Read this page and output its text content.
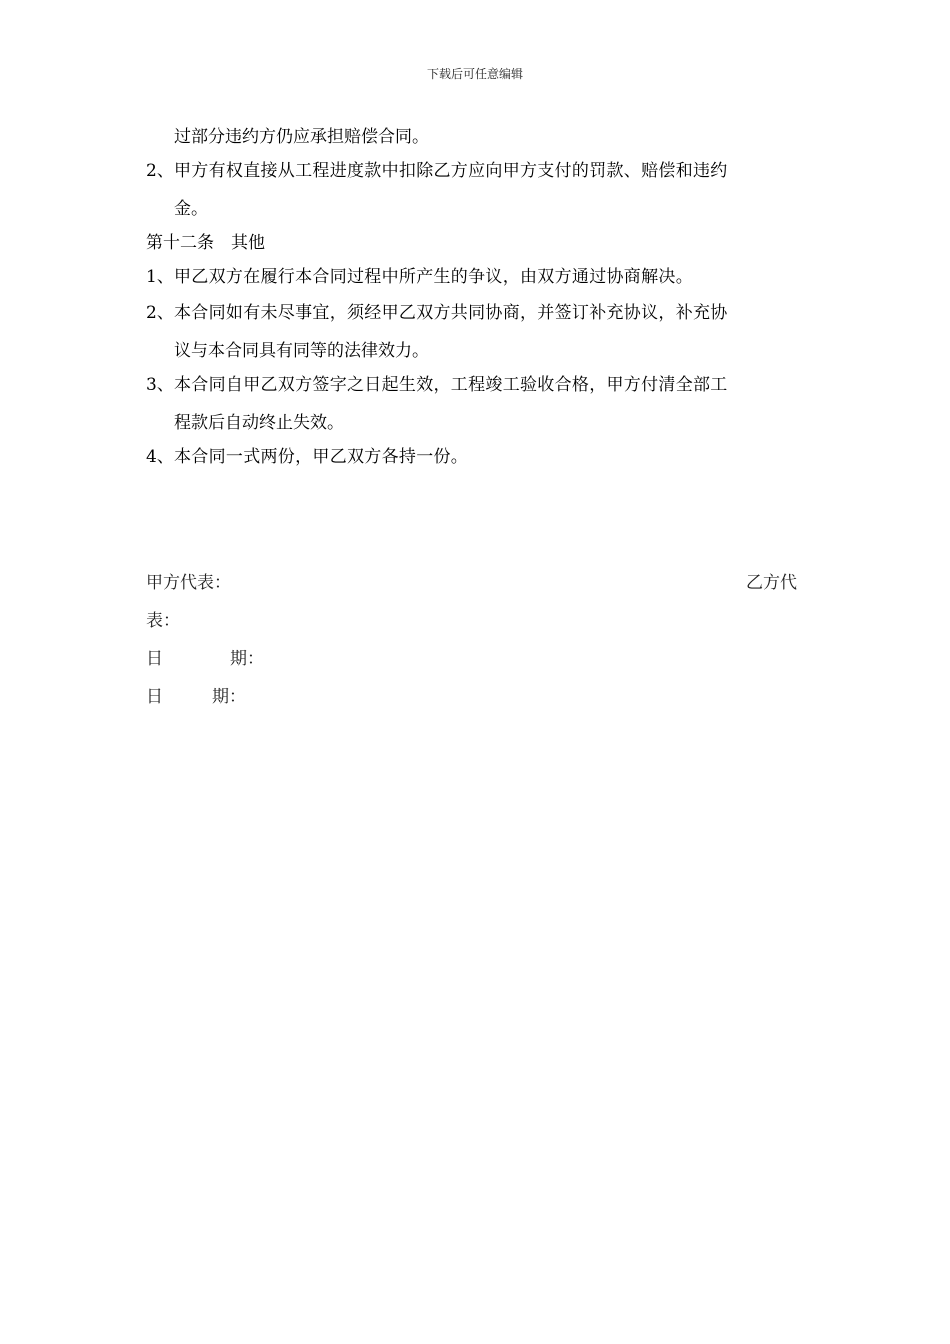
下载后可任意编辑
过部分违约方仍应承担赔偿合同。
2、甲方有权直接从工程进度款中扣除乙方应向甲方支付的罚款、赔偿和违约
金。
第十二条　其他
1、甲乙双方在履行本合同过程中所产生的争议，由双方通过协商解决。
2、本合同如有未尽事宜，须经甲乙双方共同协商，并签订补充协议，补充协
议与本合同具有同等的法律效力。
3、本合同自甲乙双方签字之日起生效，工程竣工验收合格，甲方付清全部工
程款后自动终止失效。
4、本合同一式两份，甲乙双方各持一份。
甲方代表：	乙方代
表：
日	期：
日	期：
